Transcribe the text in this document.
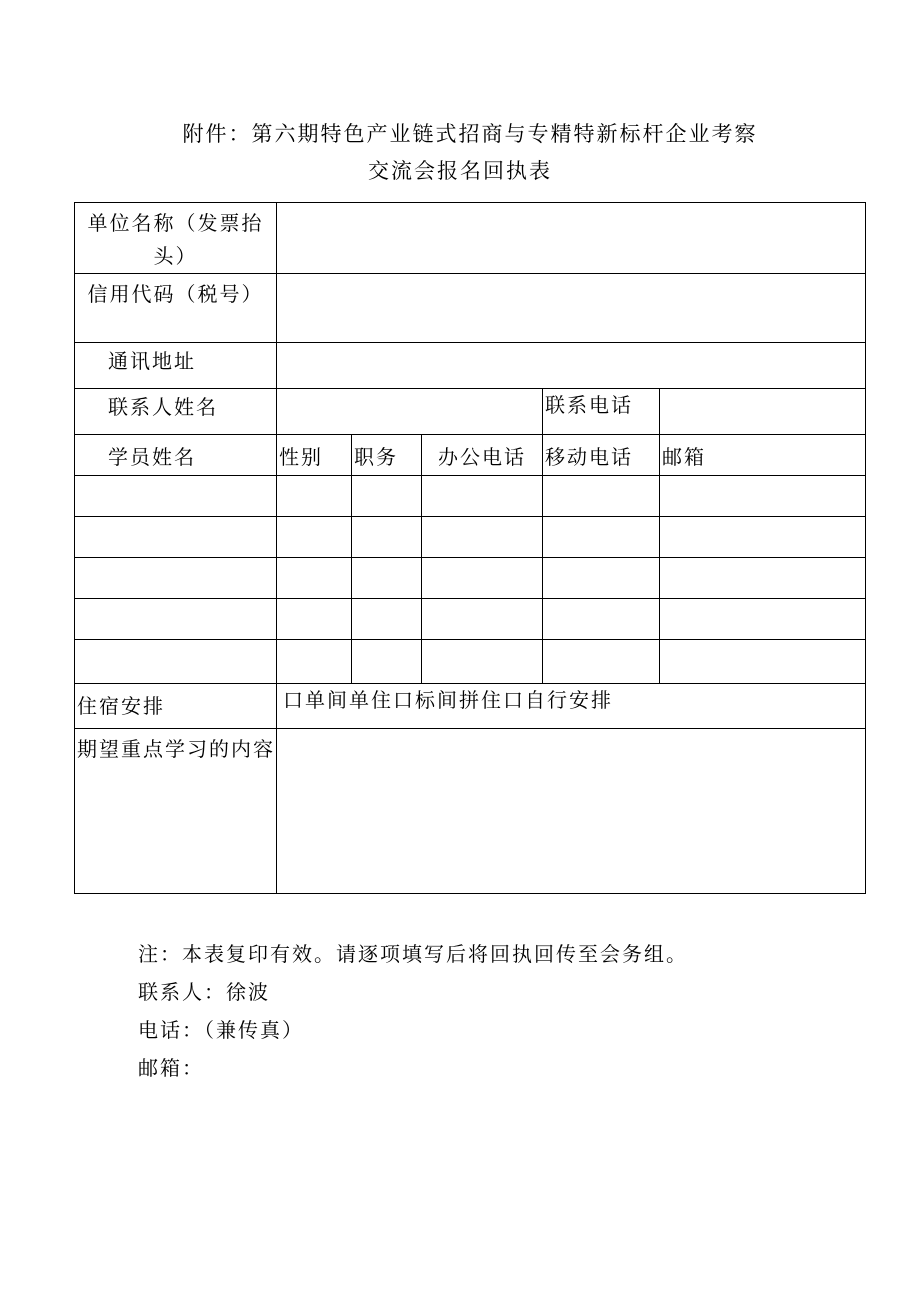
附件：第六期特色产业链式招商与专精特新标杆企业考察
交流会报名回执表
单位名称（发票抬头）					
信用代码（税号）					
通讯地址					
联系人姓名				联系电话	
学员姓名	性别	职务	办公电话	移动电话	邮箱

住宿安排	口单间单住口标间拼住口自行安排				
期望重点学习的内容					
注：本表复印有效。请逐项填写后将回执回传至会务组。
联系人：徐波
电话：（兼传真）
邮箱：
